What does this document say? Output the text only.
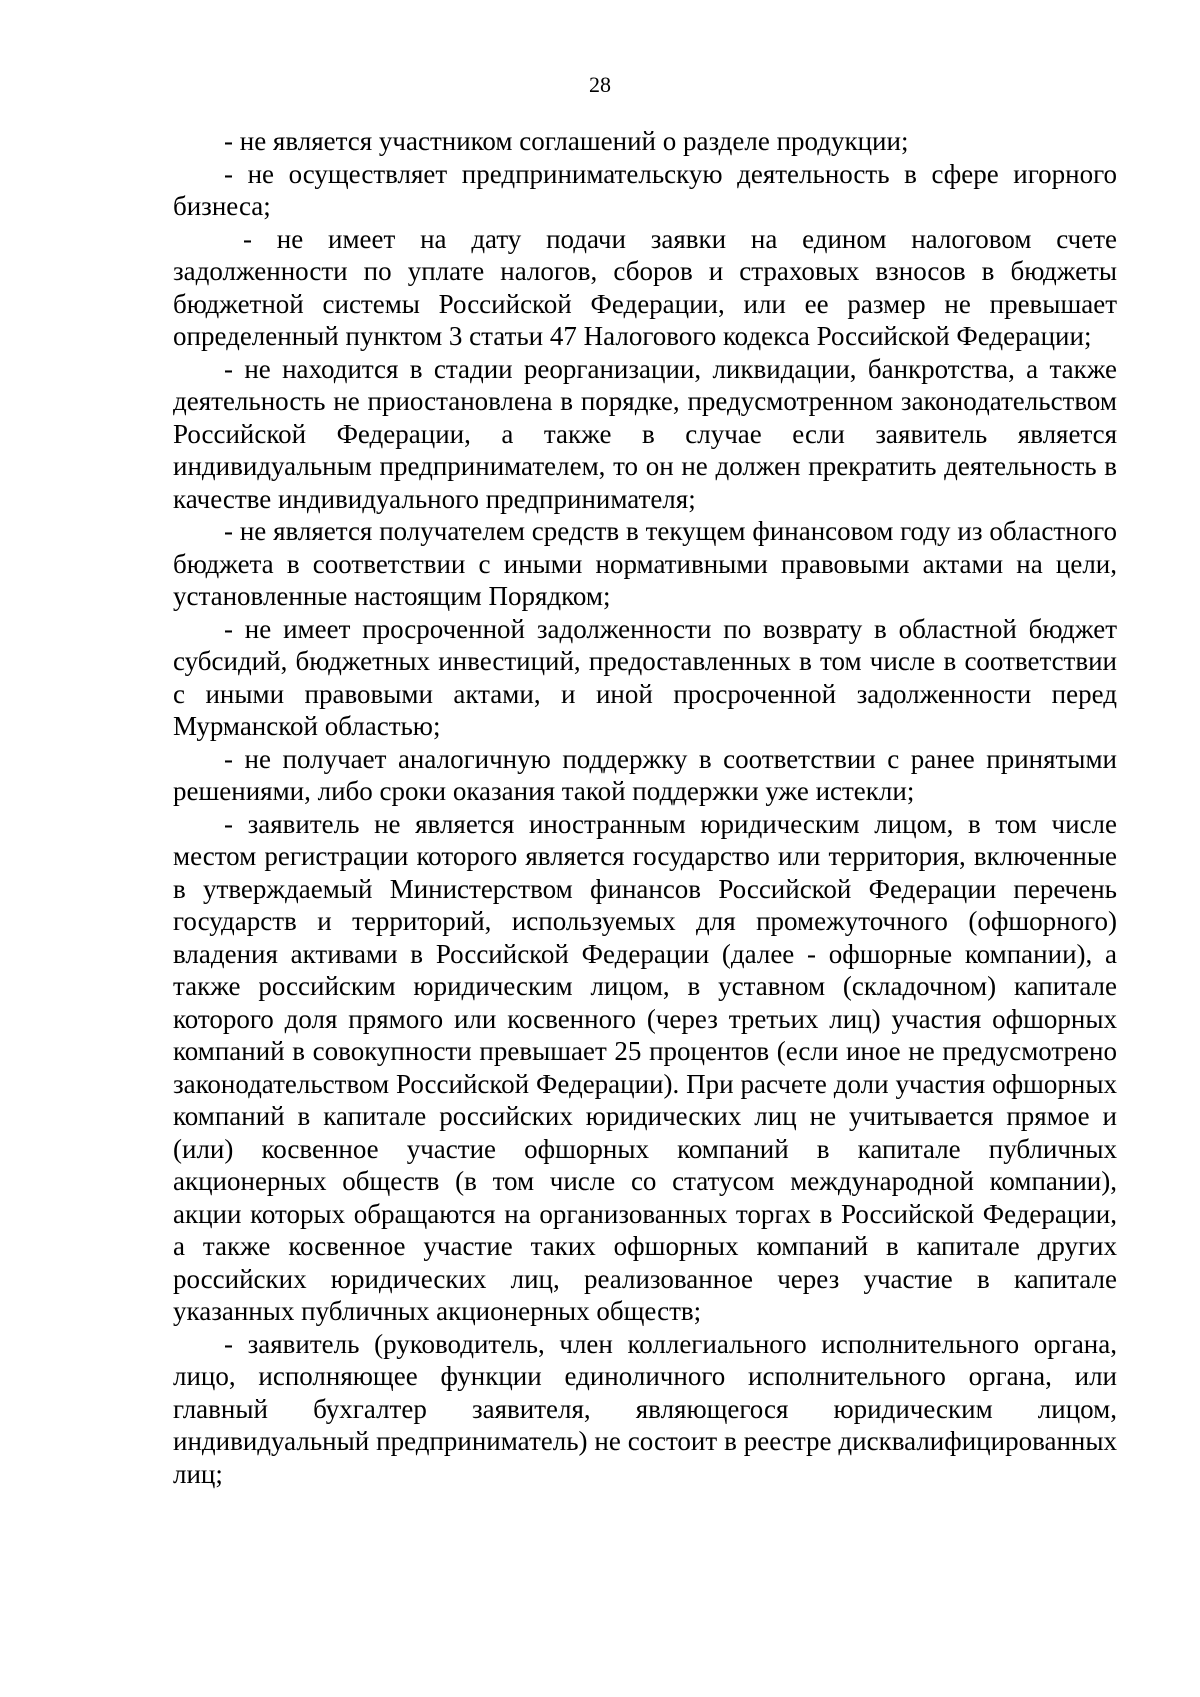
28

- не является участником соглашений о разделе продукции;

- не осуществляет предпринимательскую деятельность в сфере игорного бизнеса;

- не имеет на дату подачи заявки на едином налоговом счете задолженности по уплате налогов, сборов и страховых взносов в бюджеты бюджетной системы Российской Федерации, или ее размер не превышает определенный пунктом 3 статьи 47 Налогового кодекса Российской Федерации;

- не находится в стадии реорганизации, ликвидации, банкротства, а также деятельность не приостановлена в порядке, предусмотренном законодательством Российской Федерации, а также в случае если заявитель является индивидуальным предпринимателем, то он не должен прекратить деятельность в качестве индивидуального предпринимателя;

- не является получателем средств в текущем финансовом году из областного бюджета в соответствии с иными нормативными правовыми актами на цели, установленные настоящим Порядком;

- не имеет просроченной задолженности по возврату в областной бюджет субсидий, бюджетных инвестиций, предоставленных в том числе в соответствии с иными правовыми актами, и иной просроченной задолженности перед Мурманской областью;

- не получает аналогичную поддержку в соответствии с ранее принятыми решениями, либо сроки оказания такой поддержки уже истекли;

- заявитель не является иностранным юридическим лицом, в том числе местом регистрации которого является государство или территория, включенные в утверждаемый Министерством финансов Российской Федерации перечень государств и территорий, используемых для промежуточного (офшорного) владения активами в Российской Федерации (далее - офшорные компании), а также российским юридическим лицом, в уставном (складочном) капитале которого доля прямого или косвенного (через третьих лиц) участия офшорных компаний в совокупности превышает 25 процентов (если иное не предусмотрено законодательством Российской Федерации). При расчете доли участия офшорных компаний в капитале российских юридических лиц не учитывается прямое и (или) косвенное участие офшорных компаний в капитале публичных акционерных обществ (в том числе со статусом международной компании), акции которых обращаются на организованных торгах в Российской Федерации, а также косвенное участие таких офшорных компаний в капитале других российских юридических лиц, реализованное через участие в капитале указанных публичных акционерных обществ;

- заявитель (руководитель, член коллегиального исполнительного органа, лицо, исполняющее функции единоличного исполнительного органа, или главный бухгалтер заявителя, являющегося юридическим лицом, индивидуальный предприниматель) не состоит в реестре дисквалифицированных лиц;
